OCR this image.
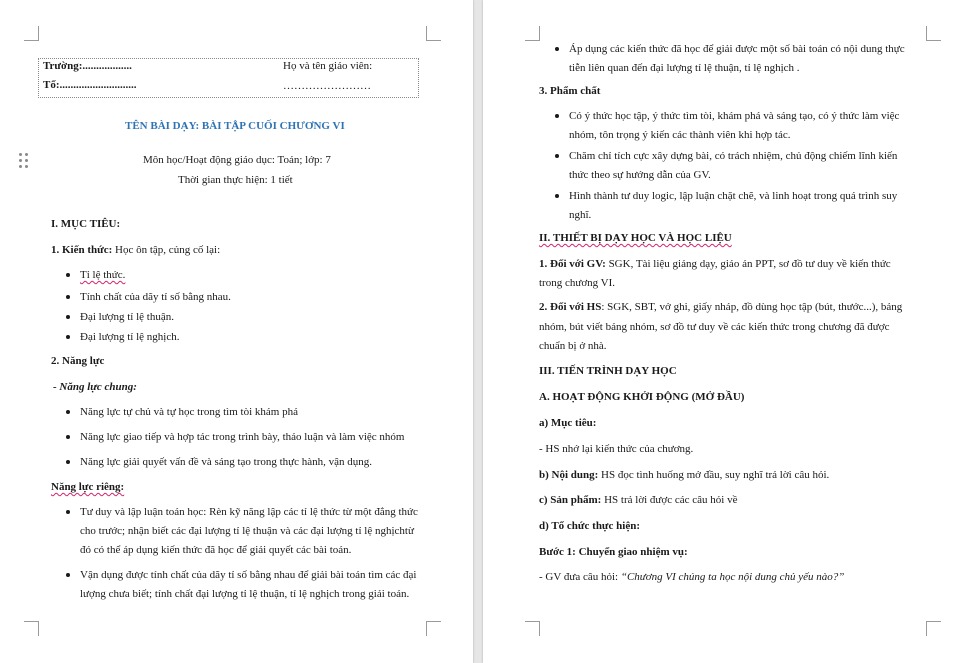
Trường:..................
Tổ:............................
Họ và tên giáo viên:
……………………
TÊN BÀI DẠY: BÀI TẬP CUỐI CHƯƠNG VI
Môn học/Hoạt động giáo dục: Toán; lớp: 7
Thời gian thực hiện: 1 tiết
I. MỤC TIÊU:
1. Kiến thức: Học ôn tập, củng cố lại:
Tỉ lệ thức.
Tính chất của dãy tỉ số bằng nhau.
Đại lượng tỉ lệ thuận.
Đại lượng tỉ lệ nghịch.
2. Năng lực
- Năng lực chung:
Năng lực tự chủ và tự học trong tìm tòi khám phá
Năng lực giao tiếp và hợp tác trong trình bày, thảo luận và làm việc nhóm
Năng lực giải quyết vấn đề và sáng tạo trong thực hành, vận dụng.
Năng lực riêng:
Tư duy và lập luận toán học: Rèn kỹ năng lập các tỉ lệ thức từ một đẳng thức
cho trước; nhận biết các đại lượng tỉ lệ thuận và các đại lượng tỉ lệ nghịchtừ
đó có thể áp dụng kiến thức đã học để giải quyết các bài toán.
Vận dụng được tính chất của dãy tỉ số bằng nhau để giải bài toán tìm các đại
lượng chưa biết; tính chất đại lượng tỉ lệ thuận, tỉ lệ nghịch trong giải toán.
Áp dụng các kiến thức đã học để giải được một số bài toán có nội dung thực
tiễn liên quan đến đại lượng tỉ lệ thuận, tỉ lệ nghịch .
3. Phẩm chất
Có ý thức học tập, ý thức tìm tòi, khám phá và sáng tạo, có ý thức làm việc
nhóm, tôn trọng ý kiến các thành viên khi hợp tác.
Chăm chỉ tích cực xây dựng bài, có trách nhiệm, chủ động chiếm lĩnh kiến
thức theo sự hướng dẫn của GV.
Hình thành tư duy logic, lập luận chặt chẽ, và linh hoạt trong quá trình suy
nghĩ.
II. THIẾT BỊ DẠY HỌC VÀ HỌC LIỆU
1. Đối với GV: SGK, Tài liệu giảng dạy, giáo án PPT, sơ đồ tư duy về kiến thức
trong chương VI.
2. Đối với HS: SGK, SBT, vở ghi, giấy nháp, đồ dùng học tập (bút, thước...), bảng
nhóm, bút viết bảng nhóm, sơ đồ tư duy về các kiến thức trong chương đã được
chuẩn bị ở nhà.
III. TIẾN TRÌNH DẠY HỌC
A. HOẠT ĐỘNG KHỞI ĐỘNG (MỞ ĐẦU)
a) Mục tiêu:
- HS nhớ lại kiến thức của chương.
b) Nội dung: HS đọc tình huống mở đầu, suy nghĩ trả lời câu hỏi.
c) Sản phẩm: HS trả lời được các câu hỏi về
d) Tổ chức thực hiện:
Bước 1: Chuyển giao nhiệm vụ:
- GV đưa câu hỏi: “Chương VI chúng ta học nội dung chủ yếu nào?”
